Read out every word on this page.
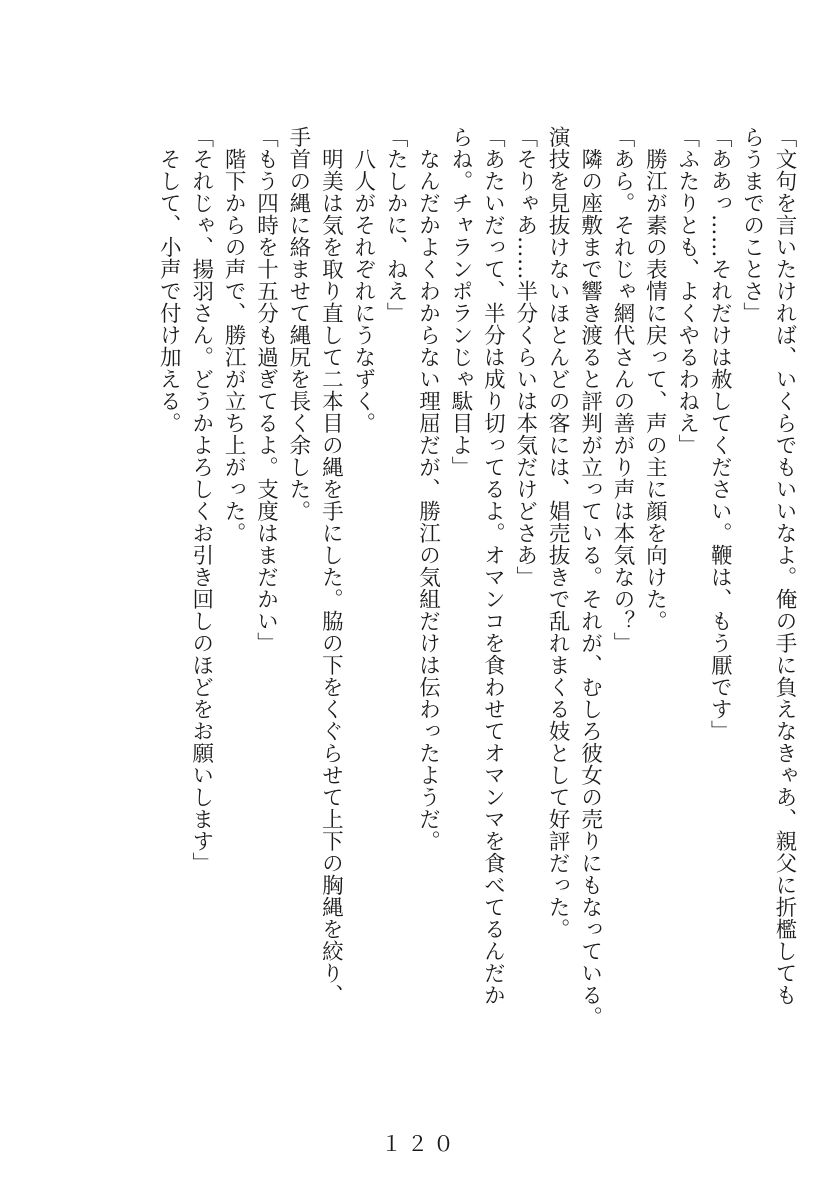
「文句を言いたければ、いくらでもいいなよ。俺の手に負えなきゃあ、親父に折檻しても
らうまでのことさ」
「ああっ……それだけは赦してください。鞭は、もう厭です」
「ふたりとも、よくやるわねえ」
勝江が素の表情に戻って、声の主に顔を向けた。
「あら。それじゃ網代さんの善がり声は本気なの？」
隣の座敷まで響き渡ると評判が立っている。それが、むしろ彼女の売りにもなっている。
演技を見抜けないほとんどの客には、娼売抜きで乱れまくる妓として好評だった。
「そりゃあ……半分くらいは本気だけどさあ」
「あたいだって、半分は成り切ってるよ。オマンコを食わせてオマンマを食べてるんだか
らね。チャランポランじゃ駄目よ」
なんだかよくわからない理屈だが、勝江の気組だけは伝わったようだ。
「たしかに、ねえ」
八人がそれぞれにうなずく。
明美は気を取り直して二本目の縄を手にした。脇の下をくぐらせて上下の胸縄を絞り、
手首の縄に絡ませて縄尻を長く余した。
「もう四時を十五分も過ぎてるよ。支度はまだかい」
階下からの声で、勝江が立ち上がった。
「それじゃ、揚羽さん。どうかよろしくお引き回しのほどをお願いします」
そして、小声で付け加える。
１２０
